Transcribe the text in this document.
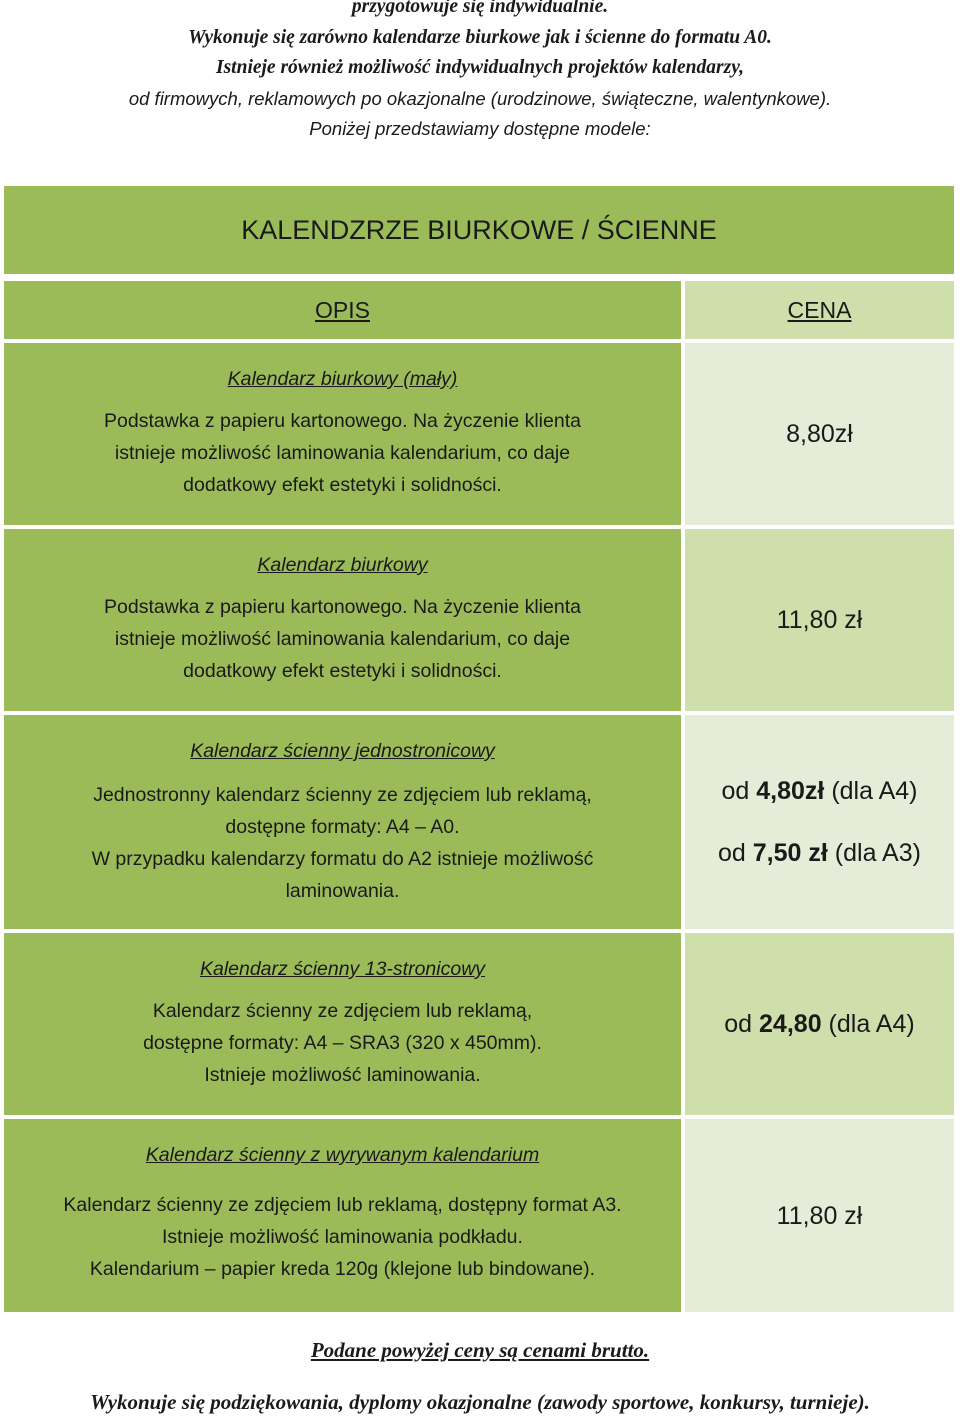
przygotowuje się indywidualnie.
Wykonuje się zarówno kalendarze biurkowe jak i ścienne do formatu A0.
Istnieje również możliwość indywidualnych projektów kalendarzy,
od firmowych, reklamowych po okazjonalne (urodzinowe, świąteczne, walentynkowe).
Poniżej przedstawiamy dostępne modele:
KALENDZRZE BIURKOWE / ŚCIENNE
OPIS	CENA
Kalendarz biurkowy (mały)
Podstawka z papieru kartonowego. Na życzenie klienta
istnieje możliwość laminowania kalendarium, co daje
dodatkowy efekt estetyki i solidności.
8,80zł
Kalendarz biurkowy
Podstawka z papieru kartonowego. Na życzenie klienta
istnieje możliwość laminowania kalendarium, co daje
dodatkowy efekt estetyki i solidności.
11,80 zł
Kalendarz ścienny jednostronicowy
Jednostronny kalendarz ścienny ze zdjęciem lub reklamą,
dostępne formaty: A4 – A0.
W przypadku kalendarzy formatu do A2 istnieje możliwość
laminowania.
od 4,80zł (dla A4)
od 7,50 zł (dla A3)
Kalendarz ścienny 13-stronicowy
Kalendarz ścienny ze zdjęciem lub reklamą,
dostępne formaty: A4 – SRA3 (320 x 450mm).
Istnieje możliwość laminowania.
od 24,80 (dla A4)
Kalendarz ścienny z wyrywanym kalendarium
Kalendarz ścienny ze zdjęciem lub reklamą, dostępny format A3.
Istnieje możliwość laminowania podkładu.
Kalendarium – papier kreda 120g (klejone lub bindowane).
11,80 zł
Podane powyżej ceny są cenami brutto.
Wykonuje się podziękowania, dyplomy okazjonalne (zawody sportowe, konkursy, turnieje).
